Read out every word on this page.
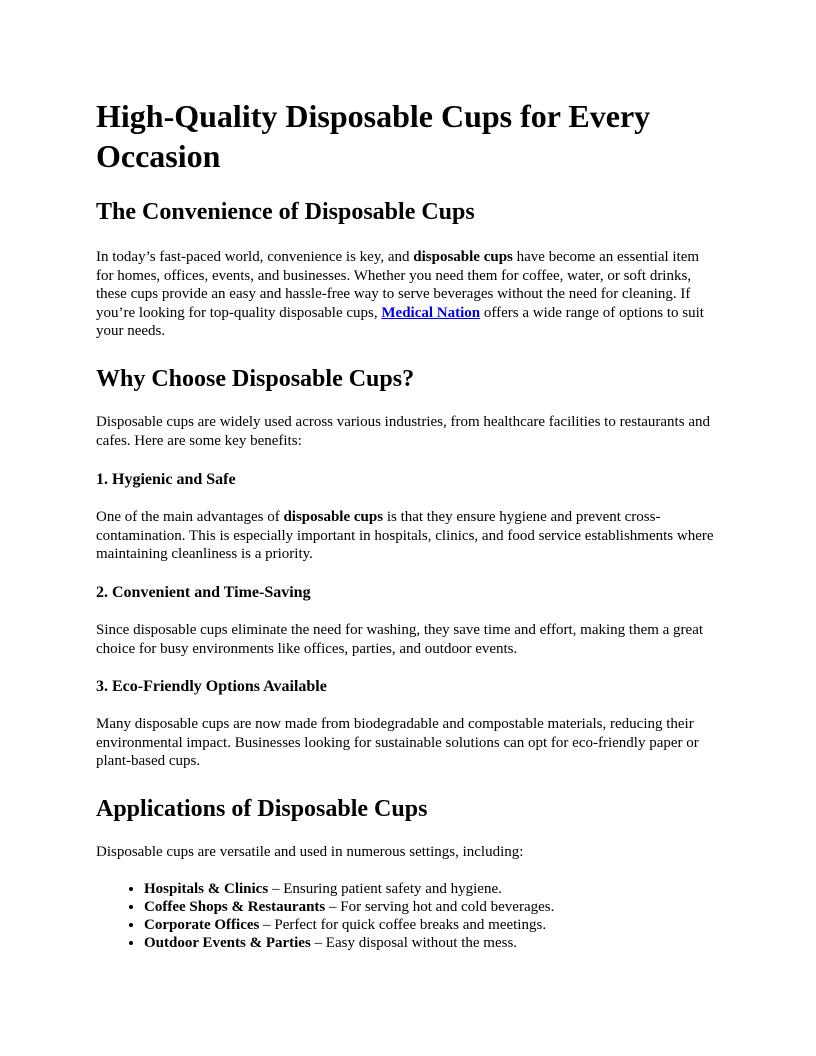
High-Quality Disposable Cups for Every Occasion
The Convenience of Disposable Cups

In today’s fast-paced world, convenience is key, and disposable cups have become an essential item for homes, offices, events, and businesses. Whether you need them for coffee, water, or soft drinks, these cups provide an easy and hassle-free way to serve beverages without the need for cleaning. If you’re looking for top-quality disposable cups, Medical Nation offers a wide range of options to suit your needs.

Why Choose Disposable Cups?

Disposable cups are widely used across various industries, from healthcare facilities to restaurants and cafes. Here are some key benefits:

1. Hygienic and Safe

One of the main advantages of disposable cups is that they ensure hygiene and prevent cross-contamination. This is especially important in hospitals, clinics, and food service establishments where maintaining cleanliness is a priority.

2. Convenient and Time-Saving

Since disposable cups eliminate the need for washing, they save time and effort, making them a great choice for busy environments like offices, parties, and outdoor events.

3. Eco-Friendly Options Available

Many disposable cups are now made from biodegradable and compostable materials, reducing their environmental impact. Businesses looking for sustainable solutions can opt for eco-friendly paper or plant-based cups.

Applications of Disposable Cups

Disposable cups are versatile and used in numerous settings, including:

• Hospitals & Clinics – Ensuring patient safety and hygiene.
• Coffee Shops & Restaurants – For serving hot and cold beverages.
• Corporate Offices – Perfect for quick coffee breaks and meetings.
• Outdoor Events & Parties – Easy disposal without the mess.
